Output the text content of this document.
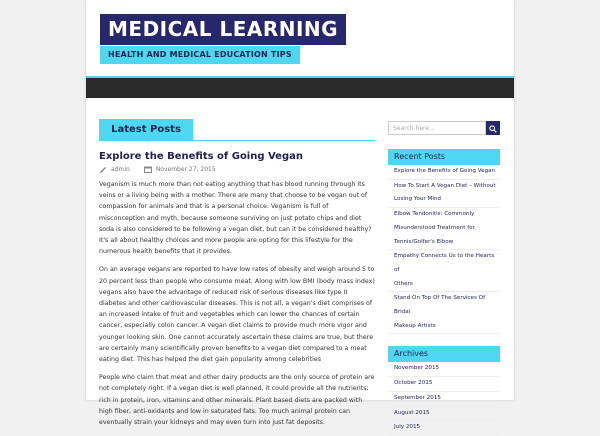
MEDICAL LEARNING
HEALTH AND MEDICAL EDUCATION TIPS
Latest Posts
Explore the Benefits of Going Vegan
admin	November 27, 2015

Veganism is much more than not eating anything that has blood running through its veins or a living being with a mother. There are many that choose to be vegan out of compassion for animals and that is a personal choice. Veganism is full of misconception and myth, because someone surviving on just potato chips and diet soda is also considered to be following a vegan diet, but can it be considered healthy? It's all about healthy choices and more people are opting for this lifestyle for the numerous health benefits that it provides.

On an average vegans are reported to have low rates of obesity and weigh around 5 to 20 percent less than people who consume meat. Along with low BMI (body mass index) vegans also have the advantage of reduced risk of serious diseases like type II diabetes and other cardiovascular diseases. This is not all, a vegan's diet comprises of an increased intake of fruit and vegetables which can lower the chances of certain cancer, especially colon cancer. A vegan diet claims to provide much more vigor and younger looking skin. One cannot accurately ascertain these claims are true, but there are certainly many scientifically proven benefits to a vegan diet compared to a meat eating diet. This has helped the diet gain popularity among celebrities

People who claim that meat and other dairy products are the only source of protein are not completely right. If a vegan diet is well planned, it could provide all the nutrients; rich in protein, iron, vitamins and other minerals. Plant based diets are packed with high fiber, anti-oxidants and low in saturated fats. Too much animal protein can eventually strain your kidneys and may even turn into just fat deposits.

Search here...
Recent Posts
Explore the Benefits of Going Vegan
How To Start A Vegan Diet – Without
Losing Your Mind
Elbow Tendonitis: Commonly
Misunderstood Treatment for
Tennis/Golfer's Elbow
Empathy Connects Us to the Hearts of
Others
Stand On Top Of The Services Of Bridal
Makeup Artists
Archives
November 2015
October 2015
September 2015
August 2015
July 2015
